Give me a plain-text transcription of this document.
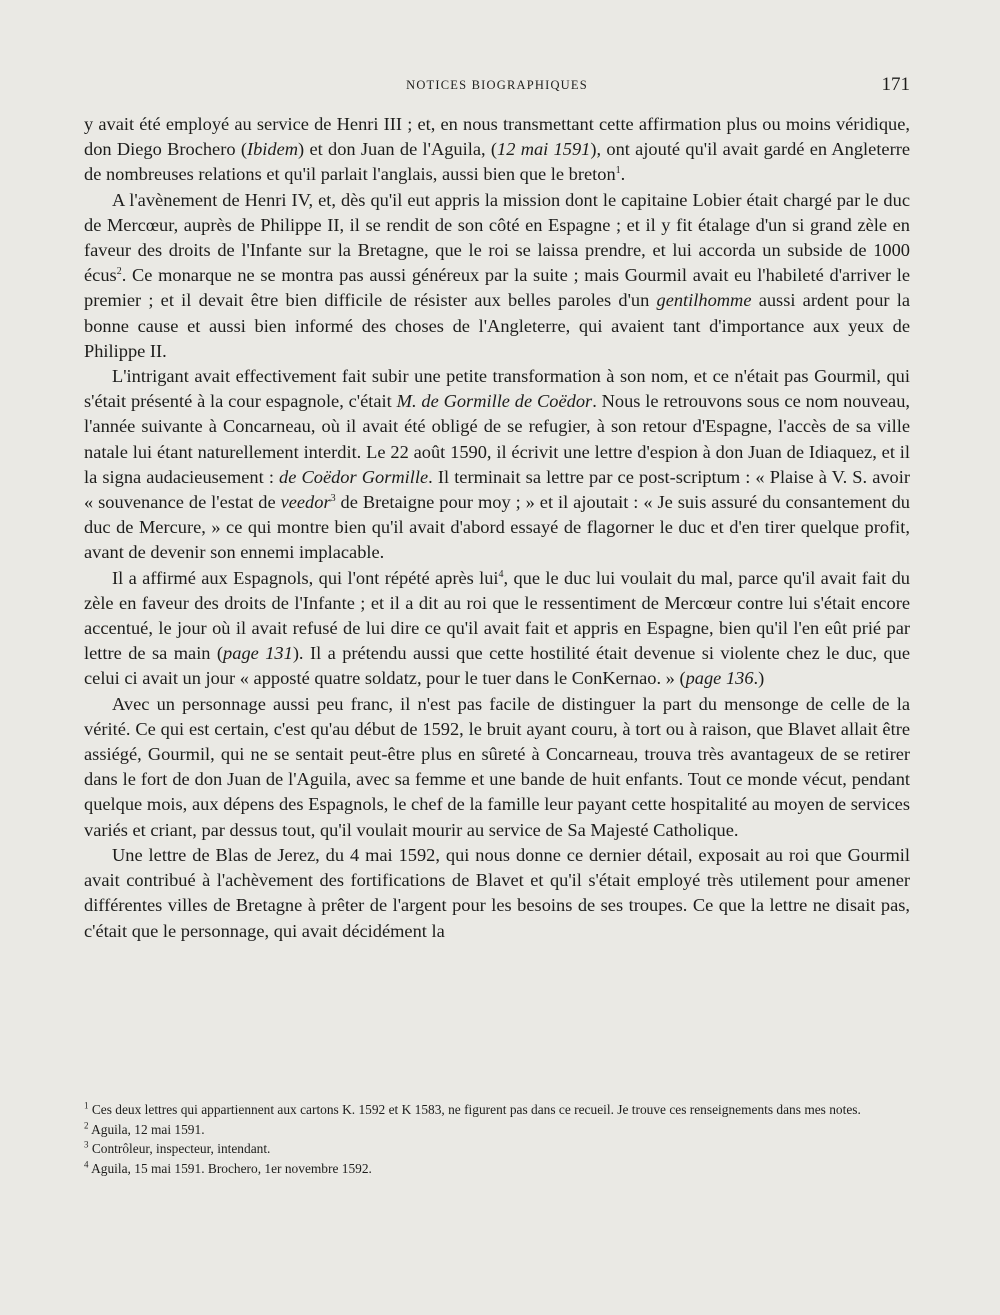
NOTICES BIOGRAPHIQUES	171

y avait été employé au service de Henri III ; et, en nous transmettant cette affirmation plus ou moins véridique, don Diego Brochero (Ibidem) et don Juan de l'Aguila, (12 mai 1591), ont ajouté qu'il avait gardé en Angleterre de nombreuses relations et qu'il parlait l'anglais, aussi bien que le breton$^1$.

A l'avènement de Henri IV, et, dès qu'il eut appris la mission dont le capitaine Lobier était chargé par le duc de Mercœur, auprès de Philippe II, il se rendit de son côté en Espagne ; et il y fit étalage d'un si grand zèle en faveur des droits de l'Infante sur la Bretagne, que le roi se laissa prendre, et lui accorda un subside de 1000 écus$^2$. Ce monarque ne se montra pas aussi généreux par la suite ; mais Gourmil avait eu l'habileté d'arriver le premier ; et il devait être bien difficile de résister aux belles paroles d'un gentilhomme aussi ardent pour la bonne cause et aussi bien informé des choses de l'Angleterre, qui avaient tant d'importance aux yeux de Philippe II.

L'intrigant avait effectivement fait subir une petite transformation à son nom, et ce n'était pas Gourmil, qui s'était présenté à la cour espagnole, c'était M. de Gormille de Coëdor. Nous le retrouvons sous ce nom nouveau, l'année suivante à Concarneau, où il avait été obligé de se refugier, à son retour d'Espagne, l'accès de sa ville natale lui étant naturellement interdit. Le 22 août 1590, il écrivit une lettre d'espion à don Juan de Idiaquez, et il la signa audacieusement : de Coëdor Gormille. Il terminait sa lettre par ce post-scriptum : « Plaise à V. S. avoir « souvenance de l'estat de veedor$^3$ de Bretaigne pour moy ; » et il ajoutait : « Je suis assuré du consantement du duc de Mercure, » ce qui montre bien qu'il avait d'abord essayé de flagorner le duc et d'en tirer quelque profit, avant de devenir son ennemi implacable.

Il a affirmé aux Espagnols, qui l'ont répété après lui$^4$, que le duc lui voulait du mal, parce qu'il avait fait du zèle en faveur des droits de l'Infante ; et il a dit au roi que le ressentiment de Mercœur contre lui s'était encore accentué, le jour où il avait refusé de lui dire ce qu'il avait fait et appris en Espagne, bien qu'il l'en eût prié par lettre de sa main (page 131). Il a prétendu aussi que cette hostilité était devenue si violente chez le duc, que celui ci avait un jour « apposté quatre soldatz, pour le tuer dans le ConKernao. » (page 136.)

Avec un personnage aussi peu franc, il n'est pas facile de distinguer la part du mensonge de celle de la vérité. Ce qui est certain, c'est qu'au début de 1592, le bruit ayant couru, à tort ou à raison, que Blavet allait être assiégé, Gourmil, qui ne se sentait peut-être plus en sûreté à Concarneau, trouva très avantageux de se retirer dans le fort de don Juan de l'Aguila, avec sa femme et une bande de huit enfants. Tout ce monde vécut, pendant quelque mois, aux dépens des Espagnols, le chef de la famille leur payant cette hospitalité au moyen de services variés et criant, par dessus tout, qu'il voulait mourir au service de Sa Majesté Catholique.

Une lettre de Blas de Jerez, du 4 mai 1592, qui nous donne ce dernier détail, exposait au roi que Gourmil avait contribué à l'achèvement des fortifications de Blavet et qu'il s'était employé très utilement pour amener différentes villes de Bretagne à prêter de l'argent pour les besoins de ses troupes. Ce que la lettre ne disait pas, c'était que le personnage, qui avait décidément la

$^1$ Ces deux lettres qui appartiennent aux cartons K. 1592 et K 1583, ne figurent pas dans ce recueil. Je trouve ces renseignements dans mes notes.

$^2$ Aguila, 12 mai 1591.

$^3$ Contrôleur, inspecteur, intendant.

$^4$ Aguila, 15 mai 1591. Brochero, 1er novembre 1592.
